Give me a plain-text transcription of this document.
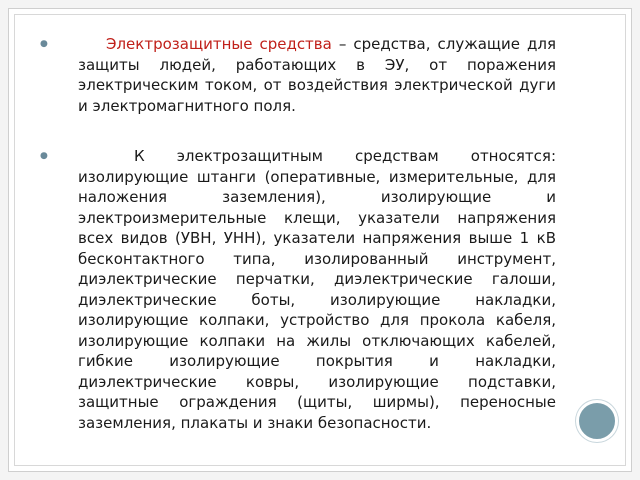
●	Электрозащитные средства – средства, служащие для защиты людей, работающих в ЭУ, от поражения электрическим током, от воздействия электрической дуги и электромагнитного поля.
●	К электрозащитным средствам относятся: изолирующие штанги (оперативные, измерительные, для наложения заземления), изолирующие и электроизмерительные клещи, указатели напряжения всех видов (УВН, УНН), указатели напряжения выше 1 кВ бесконтактного типа, изолированный инструмент, диэлектрические перчатки, диэлектрические галоши, диэлектрические боты, изолирующие накладки, изолирующие колпаки, устройство для прокола кабеля, изолирующие колпаки на жилы отключающих кабелей, гибкие изолирующие покрытия и накладки, диэлектрические ковры, изолирующие подставки, защитные ограждения (щиты, ширмы), переносные заземления, плакаты и знаки безопасности.
